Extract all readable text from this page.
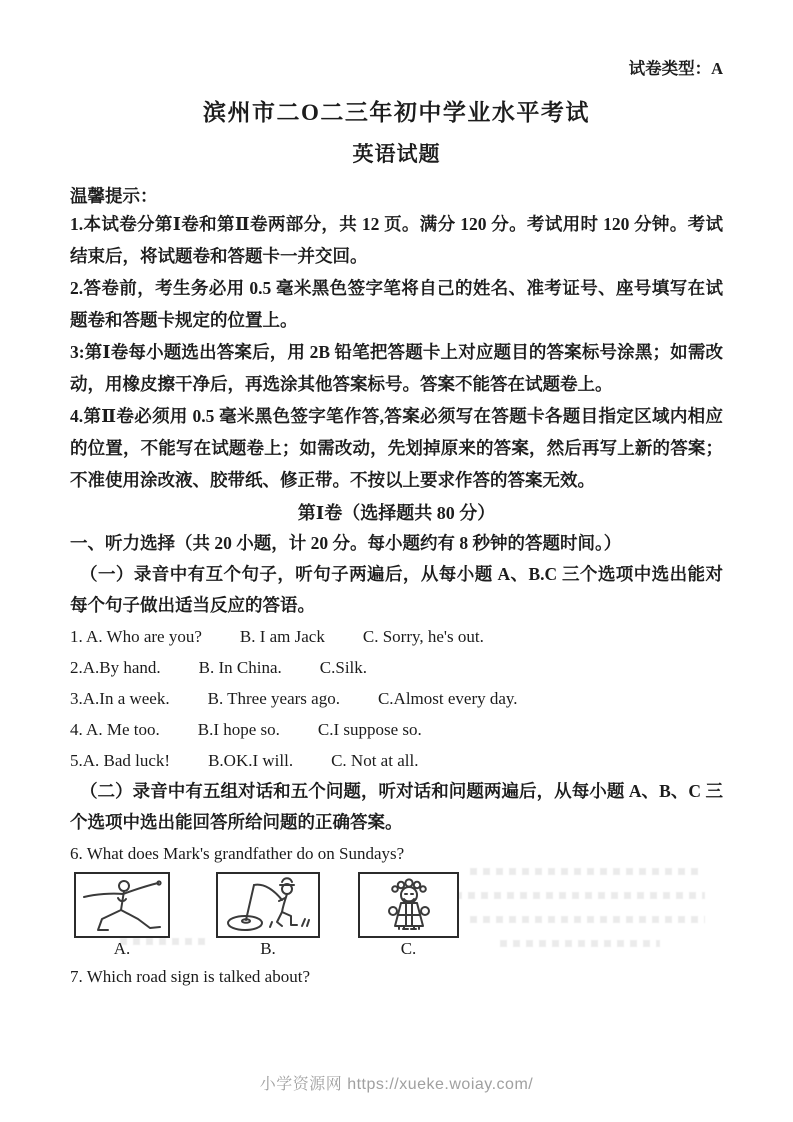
试卷类型：A
滨州市二O二三年初中学业水平考试
英语试题
温馨提示：

1.本试卷分第Ⅰ卷和第Ⅱ卷两部分，共 12 页。满分 120 分。考试用时 120 分钟。考试结束后，将试题卷和答题卡一并交回。

2.答卷前，考生务必用 0.5 毫米黑色签字笔将自己的姓名、准考证号、座号填写在试题卷和答题卡规定的位置上。

3:第Ⅰ卷每小题选出答案后，用 2B 铅笔把答题卡上对应题目的答案标号涂黑；如需改动，用橡皮擦干净后，再选涂其他答案标号。答案不能答在试题卷上。

4.第Ⅱ卷必须用 0.5 毫米黑色签字笔作答,答案必须写在答题卡各题目指定区域内相应的位置，不能写在试题卷上；如需改动，先划掉原来的答案，然后再写上新的答案；不准使用涂改液、胶带纸、修正带。不按以上要求作答的答案无效。

第Ⅰ卷（选择题共 80 分）
一、听力选择（共 20 小题，计 20 分。每小题约有 8 秒钟的答题时间。）

（一）录音中有互个句子，听句子两遍后，从每小题 A、B.C 三个选项中选出能对每个句子做出适当反应的答语。

1. A. Who are you? B. I am Jack C. Sorry, he's out.
2.A.By hand. B. In China. C.Silk.
3.A.In a week. B. Three years ago. C.Almost every day.
4. A. Me too. B.I hope so. C.I suppose so.
5.A. Bad luck! B.OK.I will. C. Not at all.

（二）录音中有五组对话和五个问题，听对话和问题两遍后，从每小题 A、B、C 三个选项中选出能回答所给问题的正确答案。

6. What does Mark's grandfather do on Sundays?
A.	B.	C.
7. Which road sign is talked about?
小学资源网 https://xueke.woiay.com/
